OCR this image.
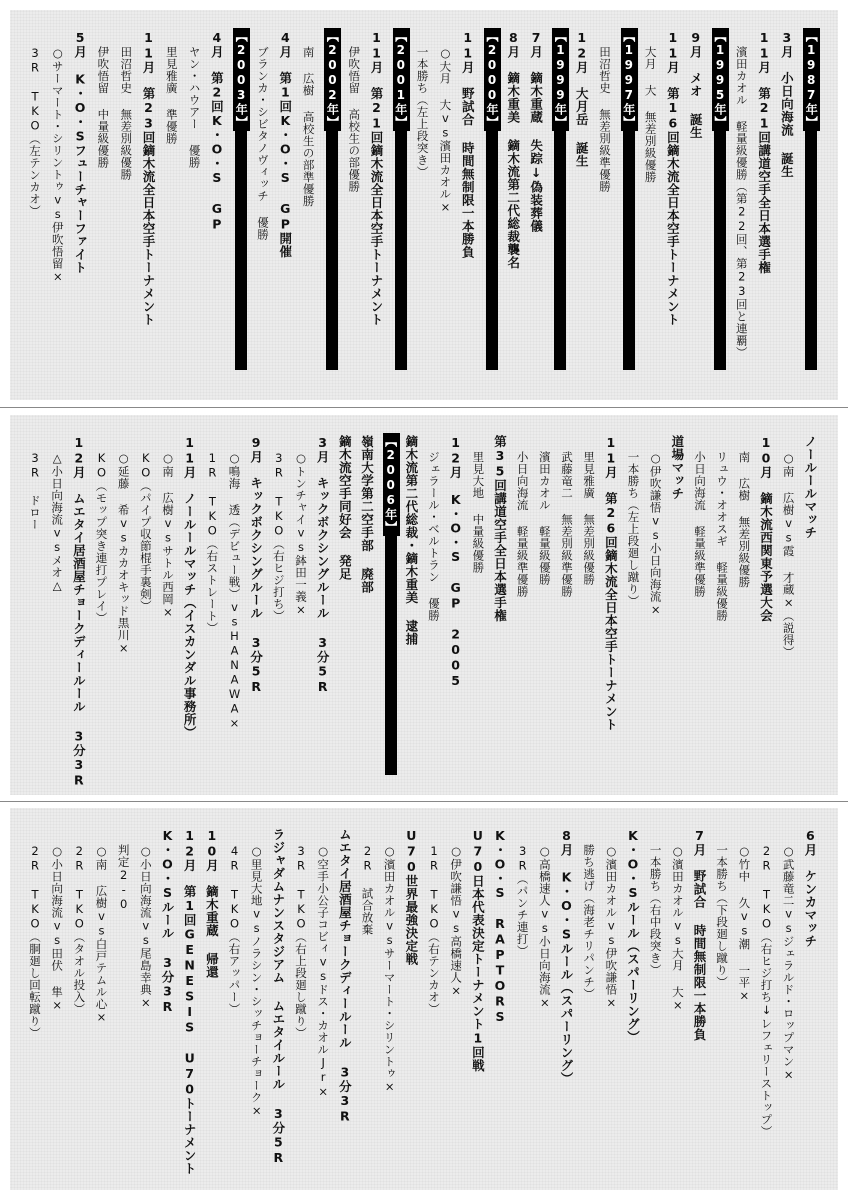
【1987年】
3月　小日向海流 誕生
11月　第21回講道空手全日本選手権
濱田カオル 軽量級優勝（第22回、第23回と連覇）
【1995年】
9月　メオ 誕生
11月　第16回鏑木流全日本空手トーナメント
大月 大 無差別級優勝
【1997年】
田沼哲史 無差別級準優勝
12月　大月岳 誕生
【1999年】
7月　鏑木重蔵 失踪↓偽装葬儀
8月　鏑木重美 鏑木流第二代総裁襲名
【2000年】
11月　野試合 時間無制限一本勝負
○大月 大vs濱田カオル×
一本勝ち（左上段突き）
【2001年】
11月　第21回鏑木流全日本空手トーナメント
伊吹悟留 高校生の部優勝
【2002年】
南 広樹 高校生の部準優勝
4月　第1回K・O・S GP開催
ブランカ・シビタノヴィッチ 優勝
【2003年】
4月　第2回K・O・S GP
ヤン・ハウアー 優勝
里見雅廣 準優勝
11月　第23回鏑木流全日本空手トーナメント
田沼哲史 無差別級優勝
伊吹悟留 中量級優勝
5月　K・O・Sフューチャーファイト
○サーマート・シリントゥvs伊吹悟留×
3R TKO（左テンカオ）
ノールールマッチ
○南 広樹vs霞 才蔵×（説得）
10月　鏑木流西関東予選大会
南 広樹 無差別級優勝
リュウ・オオスギ 軽量級優勝
小日向海流 軽量級準優勝
道場マッチ
○伊吹謙悟vs小日向海流×
一本勝ち（左上段廻し蹴り）
11月　第26回鏑木流全日本空手トーナメント
里見雅廣 無差別級優勝
武藤竜二 無差別級準優勝
濱田カオル 軽量級優勝
小日向海流 軽量級準優勝
第35回講道空手全日本選手権
里見大地 中量級優勝
12月　K・O・S GP 2005
ジェラール・ベルトラン 優勝
鏑木流第二代総裁・鏑木重美 逮捕
【2006年】
嶺南大学第二空手部 廃部
鏑木流空手同好会 発足
3月　キックボクシングルール 3分5R
○トンチャイvs鉢田一義×
3R TKO（右ヒジ打ち）
9月　キックボクシングルール 3分5R
○鳴海 透（デビュー戦）vsHANAWA×
1R TKO（右ストレート）
11月　ノールールマッチ（イスカンダル事務所）
○南 広樹vsサトル西岡×
KO（パイプ収節棍手裏剣）
○延藤 希vsカカオキッド黒川×
KO（モップ突き連打プレイ）
12月　ムエタイ居酒屋チョークディールール 3分3R
△小日向海流vsメオ△
3R ドロー
6月　ケンカマッチ
○武藤竜二vsジェラルド・ロップマン×
2R TKO（右ヒジ打ち↓レフェリーストップ）
○竹中 久vs潮 一平×
一本勝ち（下段廻し蹴り）
7月　野試合 時間無制限一本勝負
○濱田カオルvs大月 大×
一本勝ち（右中段突き）
K・O・Sルール（スパーリング）
○濱田カオルvs伊吹謙悟×
勝ち逃げ（海老チリパンチ）
8月　K・O・Sルール（スパーリング）
○高橋速人vs小日向海流×
3R（パンチ連打）
K・O・S RAPTORS
U70日本代表決定トーナメント1回戦
○伊吹謙悟vs高橋速人×
1R TKO（右テンカオ）
U70世界最強決定戦
○濱田カオルvsサーマート・シリントゥ×
2R 試合放棄
ムエタイ居酒屋チョークディールール 3分3R
○空手小公子コビィvsドス・カオルJr×
3R TKO（右上段廻し蹴り）
ラジャダムナンスタジアム ムエタイルール 3分5R
○里見大地vsノラシン・シッチョーチョーク×
4R TKO（右アッパー）
10月　鏑木重蔵 帰還
12月　第1回GENESIS U70トーナメント
K・O・Sルール 3分3R
○小日向海流vs尾島幸典×
判定2-0
○南 広樹vs白戸テムル心×
2R TKO（タオル投入）
○小日向海流vs田伏 隼×
2R TKO（胴廻し回転蹴り）
